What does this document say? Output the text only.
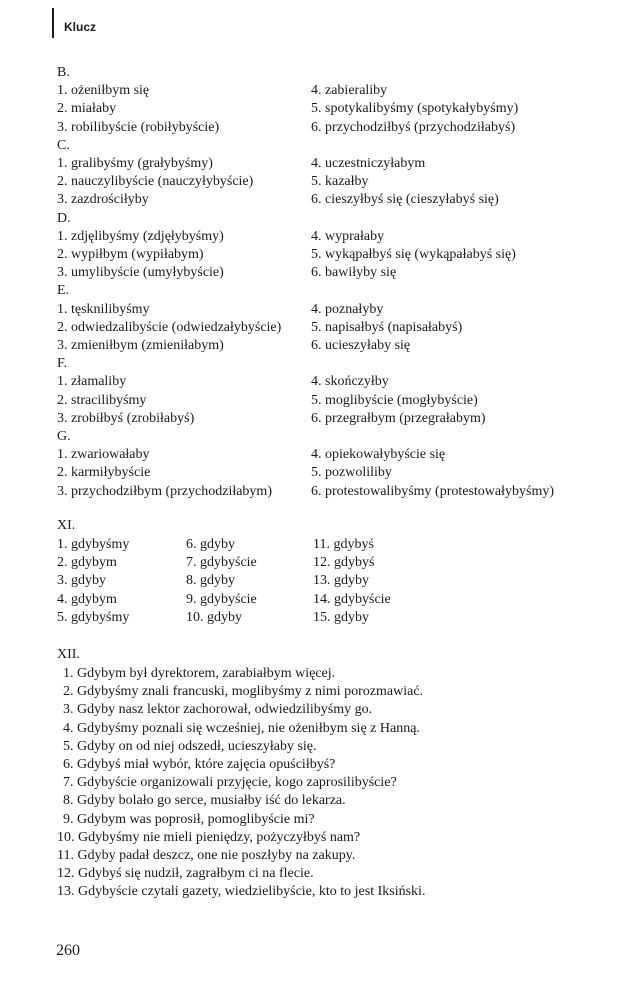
Klucz
B.
1. ożeniłbym się	4. zabieraliby
2. miałaby	5. spotykalibyśmy (spotykałybyśmy)
3. robilibyście (robiłybyście)	6. przychodziłbyś (przychodziłabyś)
C.
1. gralibyśmy (grałybyśmy)	4. uczestniczyłabym
2. nauczylibyście (nauczyłybyście)	5. kazałby
3. zazdrościłyby	6. cieszyłbyś się (cieszyłabyś się)
D.
1. zdjęlibyśmy (zdjęłybyśmy)	4. wyprałaby
2. wypiłbym (wypiłabym)	5. wykąpałbyś się (wykąpałabyś się)
3. umylibyście (umyłybyście)	6. bawiłyby się
E.
1. tęsknilibyśmy	4. poznałyby
2. odwiedzalibyście (odwiedzałybyście) 5. napisałbyś (napisałabyś)
3. zmieniłbym (zmieniłabym)	6. ucieszyłaby się
F.
1. złamaliby	4. skończyłby
2. stracilibyśmy	5. moglibyście (mogłybyście)
3. zrobiłbyś (zrobiłabyś)	6. przegrałbym (przegrałabym)
G.
1. zwariowałaby	4. opiekowałybyście się
2. karmiłybyście	5. pozwoliliby
3. przychodziłbym (przychodziłabym)	6. protestowalibyśmy (protestowałybyśmy)
XI.
1. gdybyśmy	6. gdyby	11. gdybyś
2. gdybym	7. gdybyście	12. gdybyś
3. gdyby	8. gdyby	13. gdyby
4. gdybym	9. gdybyście	14. gdybyście
5. gdybyśmy	10. gdyby	15. gdyby
XII.
1. Gdybym był dyrektorem, zarabiałbym więcej.
2. Gdybyśmy znali francuski, moglibyśmy z nimi porozmawiać.
3. Gdyby nasz lektor zachorował, odwiedzilibyśmy go.
4. Gdybyśmy poznali się wcześniej, nie ożeniłbym się z Hanną.
5. Gdyby on od niej odszedł, ucieszyłaby się.
6. Gdybyś miał wybór, które zajęcia opuściłbyś?
7. Gdybyście organizowali przyjęcie, kogo zaprosilibyście?
8. Gdyby bolało go serce, musiałby iść do lekarza.
9. Gdybym was poprosił, pomoglibyście mi?
10. Gdybyśmy nie mieli pieniędzy, pożyczyłbyś nam?
11. Gdyby padał deszcz, one nie poszłyby na zakupy.
12. Gdybyś się nudził, zagrałbym ci na flecie.
13. Gdybyście czytali gazety, wiedzielibyście, kto to jest Iksiński.
260
